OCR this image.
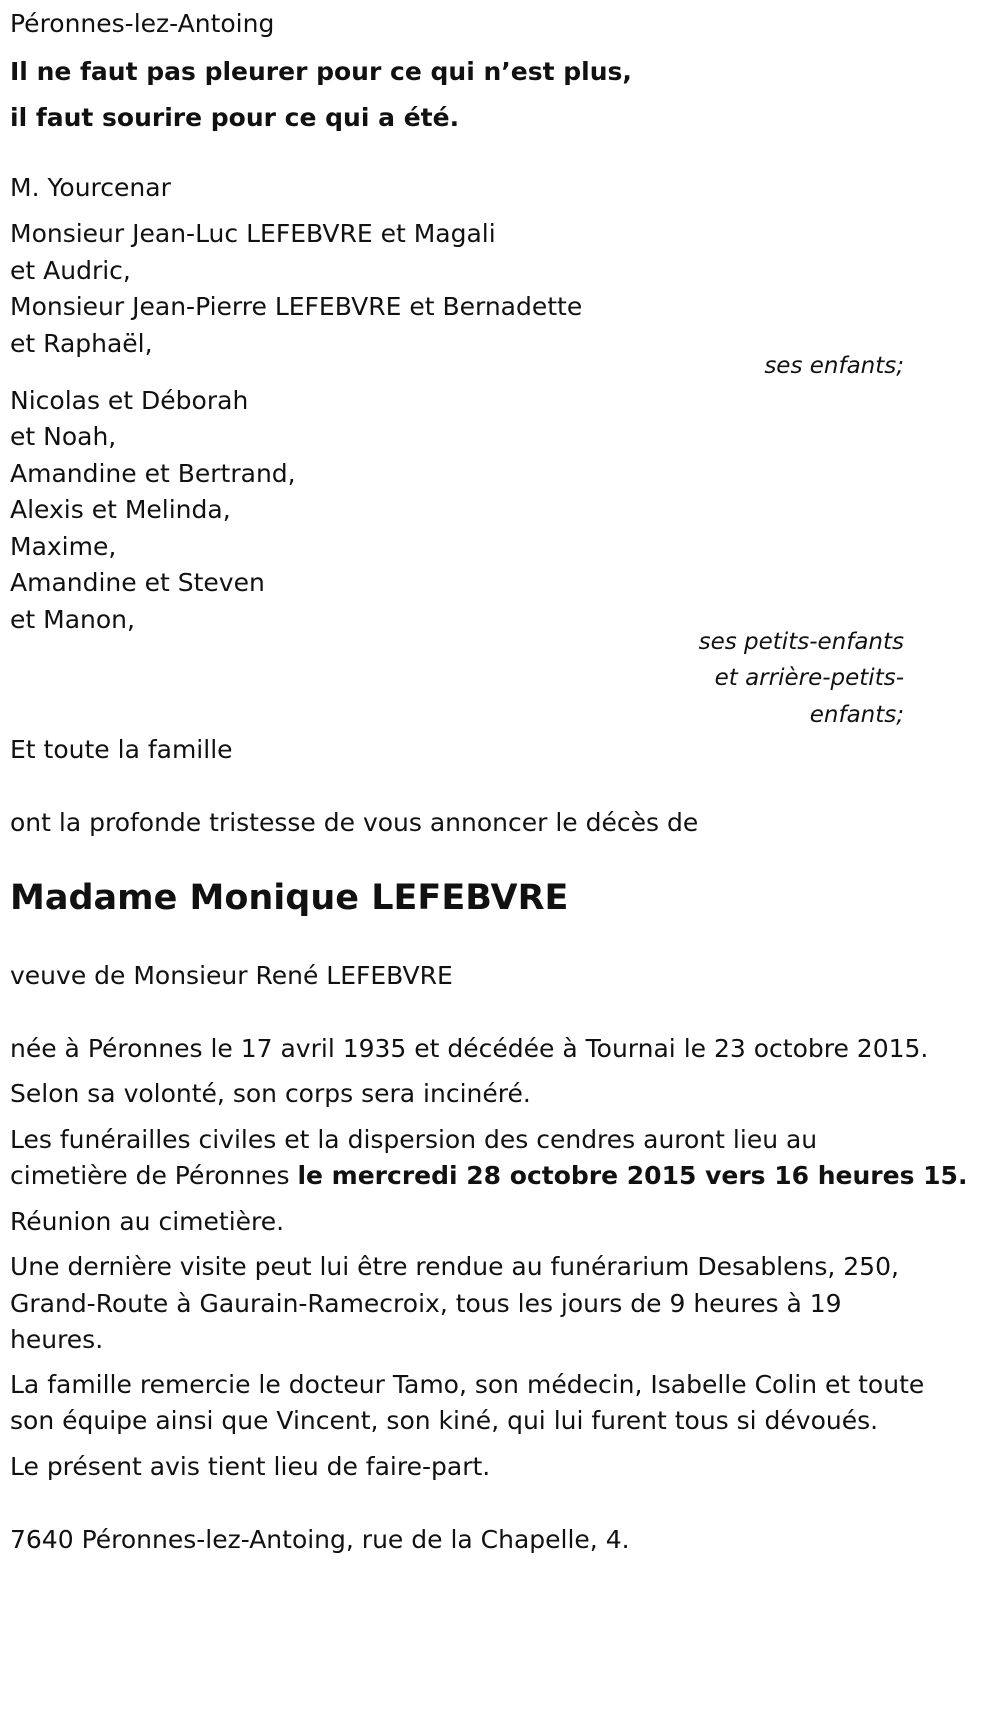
Péronnes-lez-Antoing
Il ne faut pas pleurer pour ce qui n’est plus,
il faut sourire pour ce qui a été.
M. Yourcenar
Monsieur Jean-Luc LEFEBVRE et Magali
et Audric,
Monsieur Jean-Pierre LEFEBVRE et Bernadette
et Raphaël,
ses enfants;
Nicolas et Déborah
et Noah,
Amandine et Bertrand,
Alexis et Melinda,
Maxime,
Amandine et Steven
et Manon,
ses petits-enfants
et arrière-petits-
enfants;
Et toute la famille
ont la profonde tristesse de vous annoncer le décès de
Madame Monique LEFEBVRE
veuve de Monsieur René LEFEBVRE
née à Péronnes le 17 avril 1935 et décédée à Tournai le 23 octobre 2015.
Selon sa volonté, son corps sera incinéré.
Les funérailles civiles et la dispersion des cendres auront lieu au
cimetière de Péronnes le mercredi 28 octobre 2015 vers 16 heures 15.
Réunion au cimetière.
Une dernière visite peut lui être rendue au funérarium Desablens, 250,
Grand-Route à Gaurain-Ramecroix, tous les jours de 9 heures à 19
heures.
La famille remercie le docteur Tamo, son médecin, Isabelle Colin et toute
son équipe ainsi que Vincent, son kiné, qui lui furent tous si dévoués.
Le présent avis tient lieu de faire-part.
7640 Péronnes-lez-Antoing, rue de la Chapelle, 4.
